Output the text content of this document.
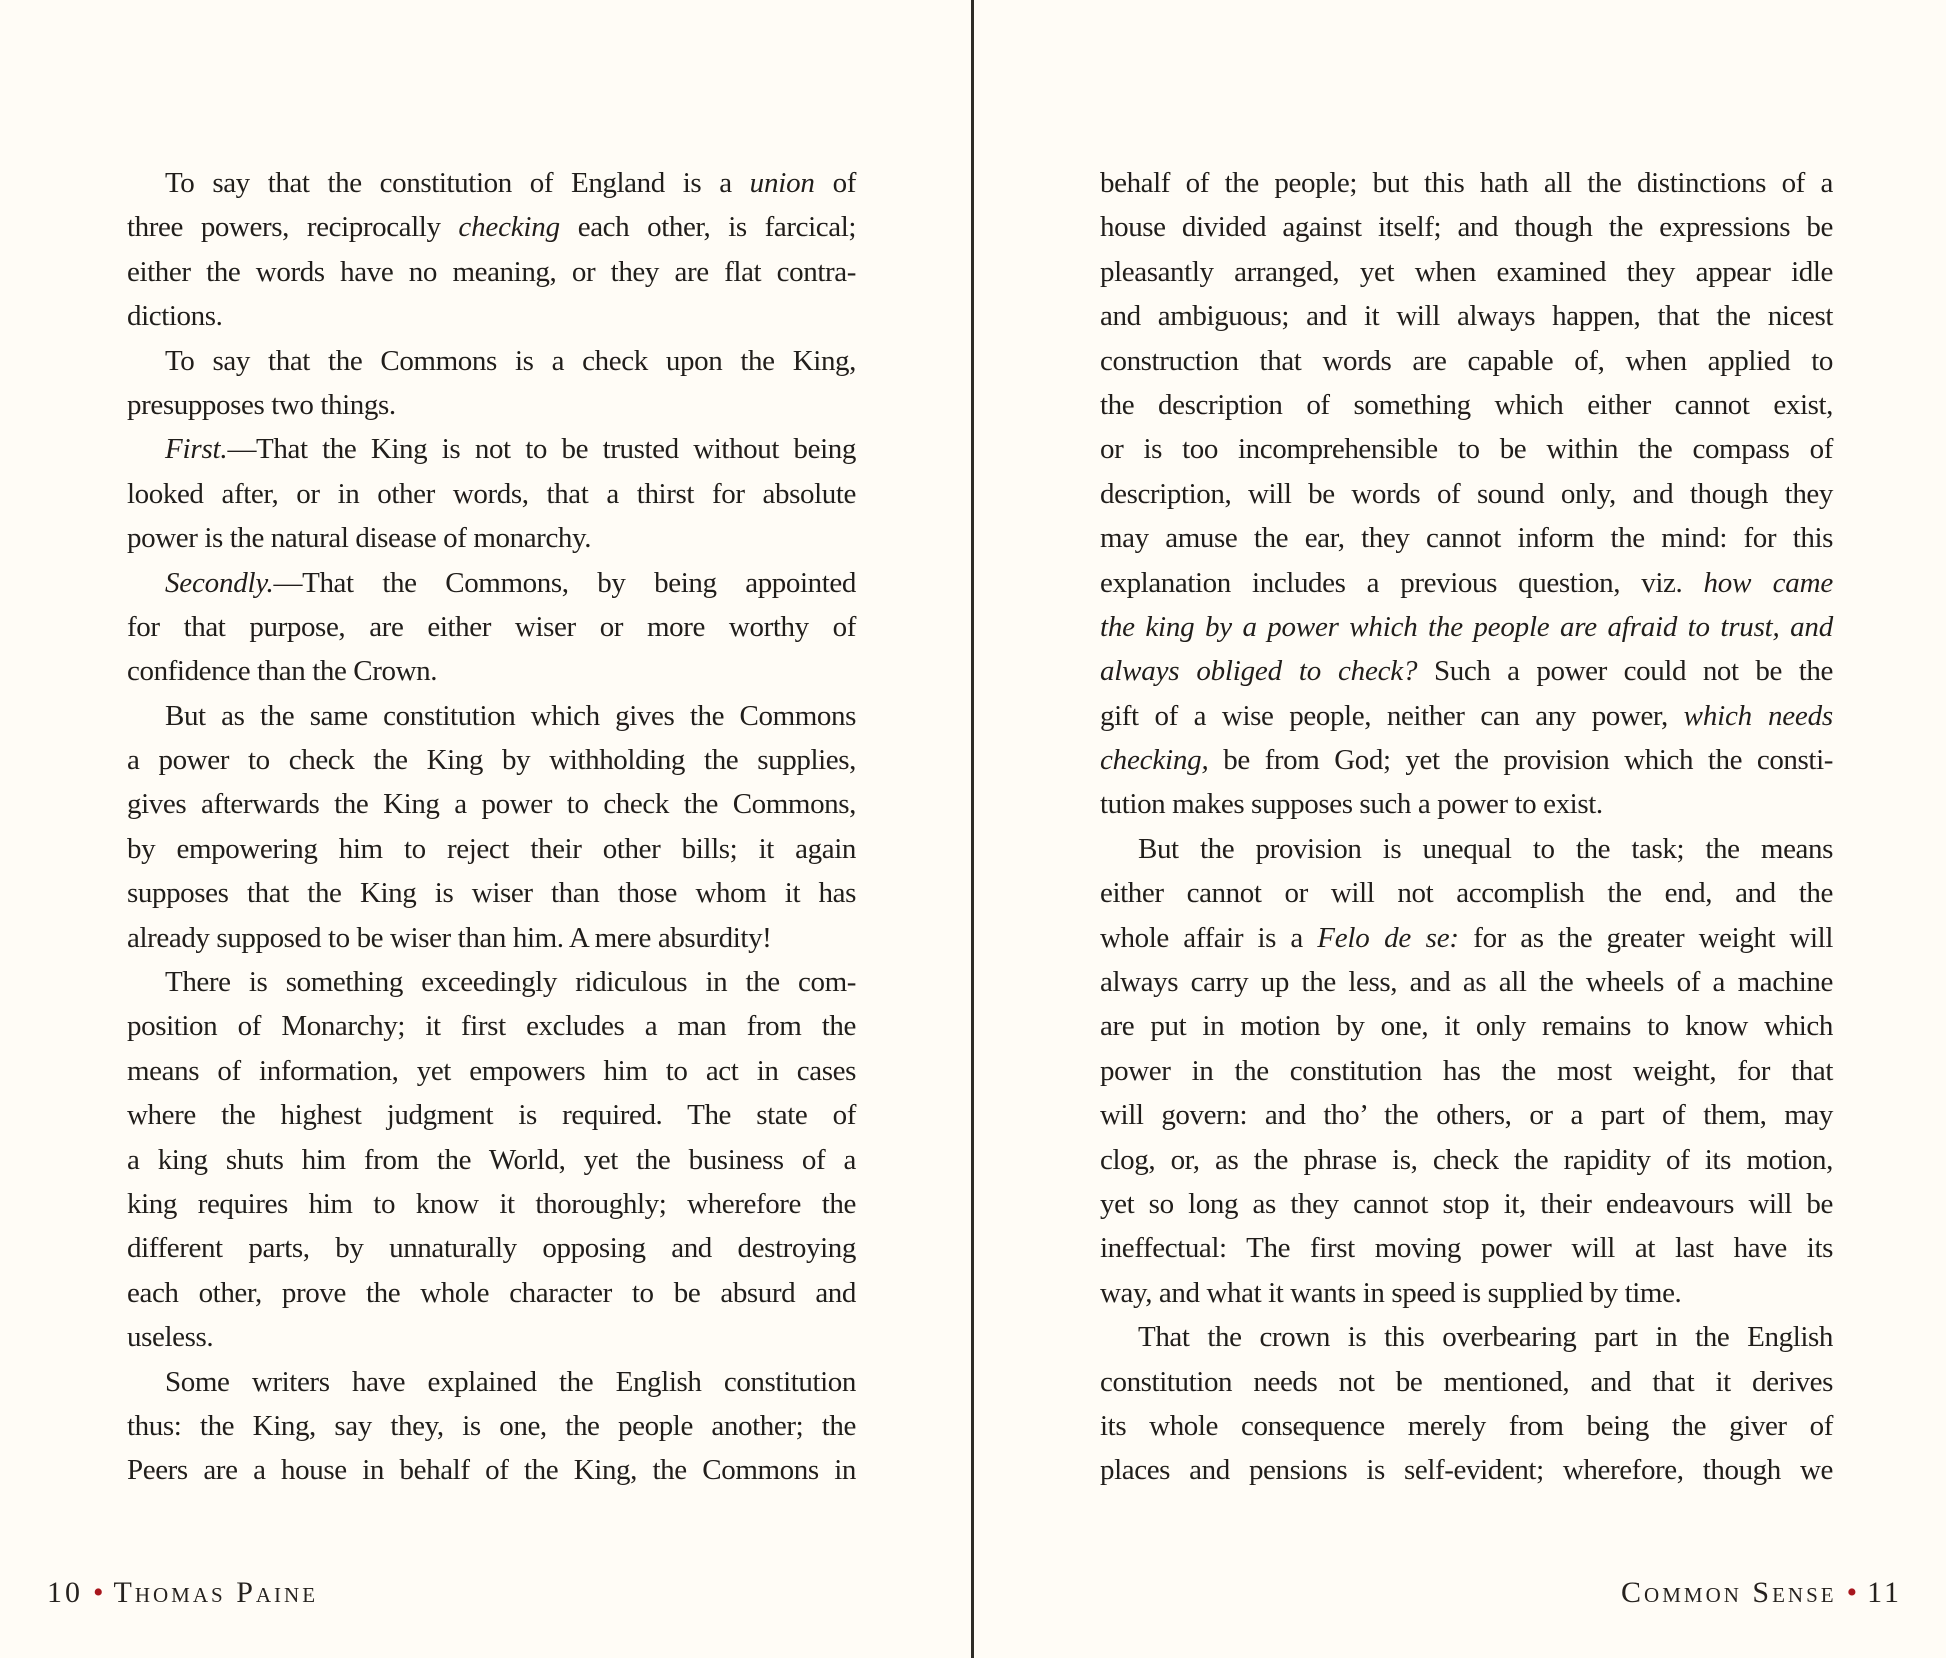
To say that the constitution of England is a union of
three powers, reciprocally checking each other, is farcical;
either the words have no meaning, or they are flat contra-
dictions.
To say that the Commons is a check upon the King,
presupposes two things.
First.—That the King is not to be trusted without being
looked after, or in other words, that a thirst for absolute
power is the natural disease of monarchy.
Secondly.—That the Commons, by being appointed
for that purpose, are either wiser or more worthy of
confidence than the Crown.
But as the same constitution which gives the Commons
a power to check the King by withholding the supplies,
gives afterwards the King a power to check the Commons,
by empowering him to reject their other bills; it again
supposes that the King is wiser than those whom it has
already supposed to be wiser than him. A mere absurdity!
There is something exceedingly ridiculous in the com-
position of Monarchy; it first excludes a man from the
means of information, yet empowers him to act in cases
where the highest judgment is required. The state of
a king shuts him from the World, yet the business of a
king requires him to know it thoroughly; wherefore the
different parts, by unnaturally opposing and destroying
each other, prove the whole character to be absurd and
useless.
Some writers have explained the English constitution
thus: the King, say they, is one, the people another; the
Peers are a house in behalf of the King, the Commons in
behalf of the people; but this hath all the distinctions of a
house divided against itself; and though the expressions be
pleasantly arranged, yet when examined they appear idle
and ambiguous; and it will always happen, that the nicest
construction that words are capable of, when applied to
the description of something which either cannot exist,
or is too incomprehensible to be within the compass of
description, will be words of sound only, and though they
may amuse the ear, they cannot inform the mind: for this
explanation includes a previous question, viz. how came
the king by a power which the people are afraid to trust, and
always obliged to check? Such a power could not be the
gift of a wise people, neither can any power, which needs
checking, be from God; yet the provision which the consti-
tution makes supposes such a power to exist.
But the provision is unequal to the task; the means
either cannot or will not accomplish the end, and the
whole affair is a Felo de se: for as the greater weight will
always carry up the less, and as all the wheels of a machine
are put in motion by one, it only remains to know which
power in the constitution has the most weight, for that
will govern: and tho’ the others, or a part of them, may
clog, or, as the phrase is, check the rapidity of its motion,
yet so long as they cannot stop it, their endeavours will be
ineffectual: The first moving power will at last have its
way, and what it wants in speed is supplied by time.
That the crown is this overbearing part in the English
constitution needs not be mentioned, and that it derives
its whole consequence merely from being the giver of
places and pensions is self-evident; wherefore, though we
10 • Thomas Paine	Common Sense • 11
